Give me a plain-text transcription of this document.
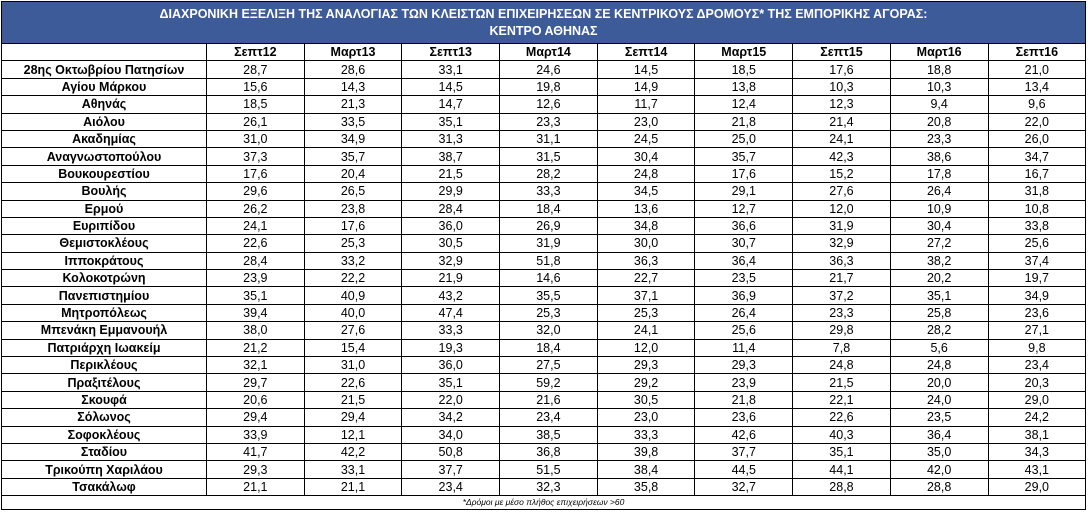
ΔΙΑΧΡΟΝΙΚΗ ΕΞΕΛΙΞΗ ΤΗΣ ΑΝΑΛΟΓΙΑΣ ΤΩΝ ΚΛΕΙΣΤΩΝ ΕΠΙΧΕΙΡΗΣΕΩΝ ΣΕ ΚΕΝΤΡΙΚΟΥΣ ΔΡΟΜΟΥΣ* ΤΗΣ ΕΜΠΟΡΙΚΗΣ ΑΓΟΡΑΣ:
ΚΕΝΤΡΟ ΑΘΗΝΑΣ
	Σεπτ12	Μαρτ13	Σεπτ13	Μαρτ14	Σεπτ14	Μαρτ15	Σεπτ15	Μαρτ16	Σεπτ16
28ης Οκτωβρίου Πατησίων	28,7	28,6	33,1	24,6	14,5	18,5	17,6	18,8	21,0
Αγίου Μάρκου	15,6	14,3	14,5	19,8	14,9	13,8	10,3	10,3	13,4
Αθηνάς	18,5	21,3	14,7	12,6	11,7	12,4	12,3	9,4	9,6
Αιόλου	26,1	33,5	35,1	23,3	23,0	21,8	21,4	20,8	22,0
Ακαδημίας	31,0	34,9	31,3	31,1	24,5	25,0	24,1	23,3	26,0
Αναγνωστοπούλου	37,3	35,7	38,7	31,5	30,4	35,7	42,3	38,6	34,7
Βουκουρεστίου	17,6	20,4	21,5	28,2	24,8	17,6	15,2	17,8	16,7
Βουλής	29,6	26,5	29,9	33,3	34,5	29,1	27,6	26,4	31,8
Ερμού	26,2	23,8	28,4	18,4	13,6	12,7	12,0	10,9	10,8
Ευριπίδου	24,1	17,6	36,0	26,9	34,8	36,6	31,9	30,4	33,8
Θεμιστοκλέους	22,6	25,3	30,5	31,9	30,0	30,7	32,9	27,2	25,6
Ιπποκράτους	28,4	33,2	32,9	51,8	36,3	36,4	36,3	38,2	37,4
Κολοκοτρώνη	23,9	22,2	21,9	14,6	22,7	23,5	21,7	20,2	19,7
Πανεπιστημίου	35,1	40,9	43,2	35,5	37,1	36,9	37,2	35,1	34,9
Μητροπόλεως	39,4	40,0	47,4	25,3	25,3	26,4	23,3	25,8	23,6
Μπενάκη Εμμανουήλ	38,0	27,6	33,3	32,0	24,1	25,6	29,8	28,2	27,1
Πατριάρχη Ιωακείμ	21,2	15,4	19,3	18,4	12,0	11,4	7,8	5,6	9,8
Περικλέους	32,1	31,0	36,0	27,5	29,3	29,3	24,8	24,8	23,4
Πραξιτέλους	29,7	22,6	35,1	59,2	29,2	23,9	21,5	20,0	20,3
Σκουφά	20,6	21,5	22,0	21,6	30,5	21,8	22,1	24,0	29,0
Σόλωνος	29,4	29,4	34,2	23,4	23,0	23,6	22,6	23,5	24,2
Σοφοκλέους	33,9	12,1	34,0	38,5	33,3	42,6	40,3	36,4	38,1
Σταδίου	41,7	42,2	50,8	36,8	39,8	37,7	35,1	35,0	34,3
Τρικούπη Χαριλάου	29,3	33,1	37,7	51,5	38,4	44,5	44,1	42,0	43,1
Τσακάλωφ	21,1	21,1	23,4	32,3	35,8	32,7	28,8	28,8	29,0
*Δρόμοι με μέσο πλήθος επιχειρήσεων >60
